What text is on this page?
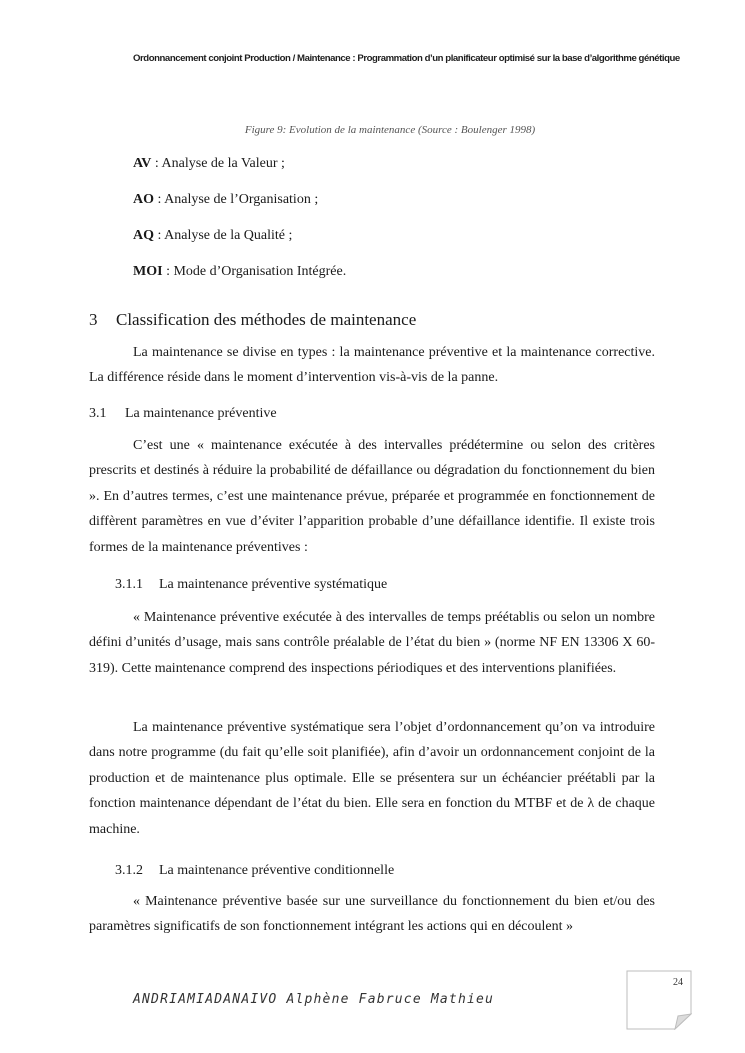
Ordonnancement conjoint Production / Maintenance : Programmation d’un planificateur optimisé sur la base d’algorithme génétique
Figure 9: Evolution de la maintenance (Source : Boulenger 1998)
AV : Analyse de la Valeur ;
AO : Analyse de l’Organisation ;
AQ : Analyse de la Qualité ;
MOI : Mode d’Organisation Intégrée.
3 Classification des méthodes de maintenance

La maintenance se divise en types : la maintenance préventive et la maintenance corrective. La différence réside dans le moment d’intervention vis-à-vis de la panne.

3.1 La maintenance préventive

C’est une « maintenance exécutée à des intervalles prédétermine ou selon des critères prescrits et destinés à réduire la probabilité de défaillance ou dégradation du fonctionnement du bien ». En d’autres termes, c’est une maintenance prévue, préparée et programmée en fonctionnement de diffèrent paramètres en vue d’éviter l’apparition probable d’une défaillance identifie. Il existe trois formes de la maintenance préventives :

3.1.1 La maintenance préventive systématique

« Maintenance préventive exécutée à des intervalles de temps préétablis ou selon un nombre défini d’unités d’usage, mais sans contrôle préalable de l’état du bien » (norme NF EN 13306 X 60-319). Cette maintenance comprend des inspections périodiques et des interventions planifiées.

La maintenance préventive systématique sera l’objet d’ordonnancement qu’on va introduire dans notre programme (du fait qu’elle soit planifiée), afin d’avoir un ordonnancement conjoint de la production et de maintenance plus optimale. Elle se présentera sur un échéancier préétabli par la fonction maintenance dépendant de l’état du bien. Elle sera en fonction du MTBF et de λ de chaque machine.

3.1.2 La maintenance préventive conditionnelle

« Maintenance préventive basée sur une surveillance du fonctionnement du bien et/ou des paramètres significatifs de son fonctionnement intégrant les actions qui en découlent »

ANDRIAMIADANAIVO Alphène Fabruce Mathieu
24
